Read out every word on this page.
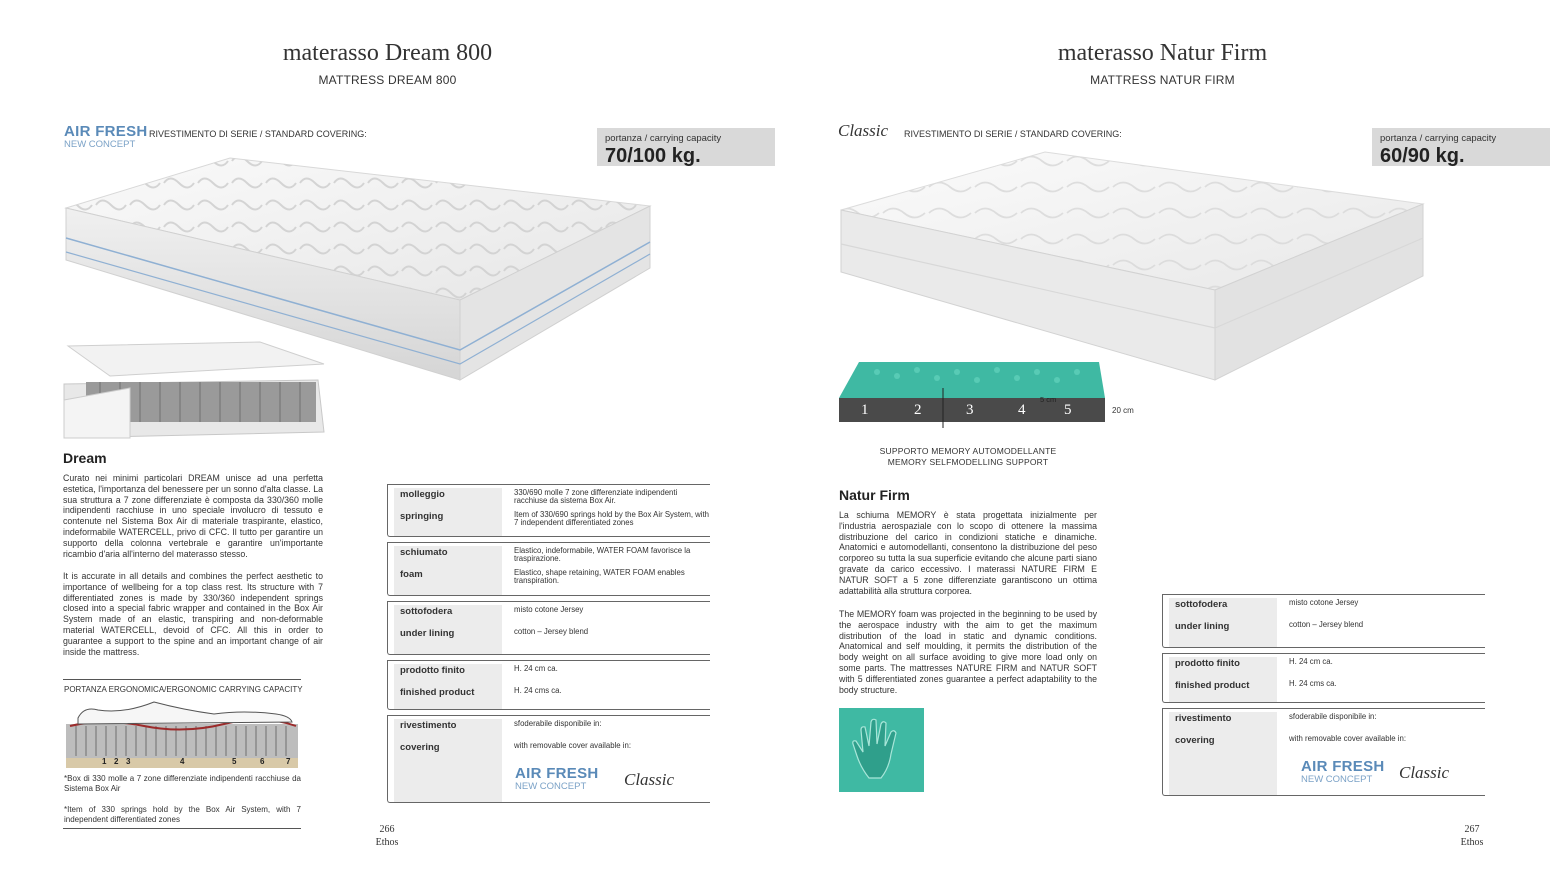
materasso Dream 800
MATTRESS DREAM 800
AIR FRESH
NEW CONCEPT
RIVESTIMENTO DI SERIE / STANDARD COVERING:	portanza / carrying capacity
70/100 kg.
Dream
Curato nei minimi particolari DREAM unisce ad una perfetta estetica, l'importanza del benessere per un sonno d'alta classe. La sua struttura a 7 zone differenziate è composta da 330/360 molle indipendenti racchiuse in uno speciale involucro di tessuto e contenute nel Sistema Box Air di materiale traspirante, elastico, indeformabile WATERCELL, privo di CFC. Il tutto per garantire un supporto della colonna vertebrale e garantire un'importante ricambio d'aria all'interno del materasso stesso.
It is accurate in all details and combines the perfect aesthetic to importance of wellbeing for a top class rest. Its structure with 7 differentiated zones is made by 330/360 independent springs closed into a special fabric wrapper and contained in the Box Air System made of an elastic, transpiring and non-deformable material WATERCELL, devoid of CFC. All this in order to guarantee a support to the spine and an important change of air inside the mattress.
PORTANZA ERGONOMICA/ERGONOMIC CARRYING CAPACITY
1 2 3	4	5	6	7
*Box di 330 molle a 7 zone differenziate indipendenti racchiuse da Sistema Box Air
*Item of 330 springs hold by the Box Air System, with 7 independent differentiated zones
molleggio	330/690 molle 7 zone differenziate indipendenti racchiuse da sistema Box Air.
springing	Item of 330/690 springs hold by the Box Air System, with 7 independent differentiated zones
schiumato	Elastico, indeformabile, WATER FOAM favorisce la traspirazione.
foam	Elastico, shape retaining, WATER FOAM enables transpiration.
sottofodera	misto cotone Jersey
under lining	cotton – Jersey blend
prodotto finito	H. 24 cm ca.
finished product	H. 24 cms ca.
rivestimento	sfoderabile disponibile in:
covering	with removable cover available in:
AIR FRESH
NEW CONCEPT	Classic
266
Ethos
materasso Natur Firm
MATTRESS NATUR FIRM
Classic RIVESTIMENTO DI SERIE / STANDARD COVERING:	portanza / carrying capacity
60/90 kg.
1	2	3	4	5
5 cm
20 cm
SUPPORTO MEMORY AUTOMODELLANTE
MEMORY SELFMODELLING SUPPORT
Natur Firm
La schiuma MEMORY è stata progettata inizialmente per l'industria aerospaziale con lo scopo di ottenere la massima distribuzione del carico in condizioni statiche e dinamiche. Anatomici e automodellanti, consentono la distribuzione del peso corporeo su tutta la sua superficie evitando che alcune parti siano gravate da carico eccessivo. I materassi NATURE FIRM E NATUR SOFT a 5 zone differenziate garantiscono un ottima adattabilità alla struttura corporea.
The MEMORY foam was projected in the beginning to be used by the aerospace industry with the aim to get the maximum distribution of the load in static and dynamic conditions. Anatomical and self moulding, it permits the distribution of the body weight on all surface avoiding to give more load only on some parts. The mattresses NATURE FIRM and NATUR SOFT with 5 differentiated zones guarantee a perfect adaptability to the body structure.
sottofodera	misto cotone Jersey
under lining	cotton – Jersey blend
prodotto finito	H. 24 cm ca.
finished product	H. 24 cms ca.
rivestimento	sfoderabile disponibile in:
covering	with removable cover available in:
AIR FRESH
NEW CONCEPT	Classic
267
Ethos
